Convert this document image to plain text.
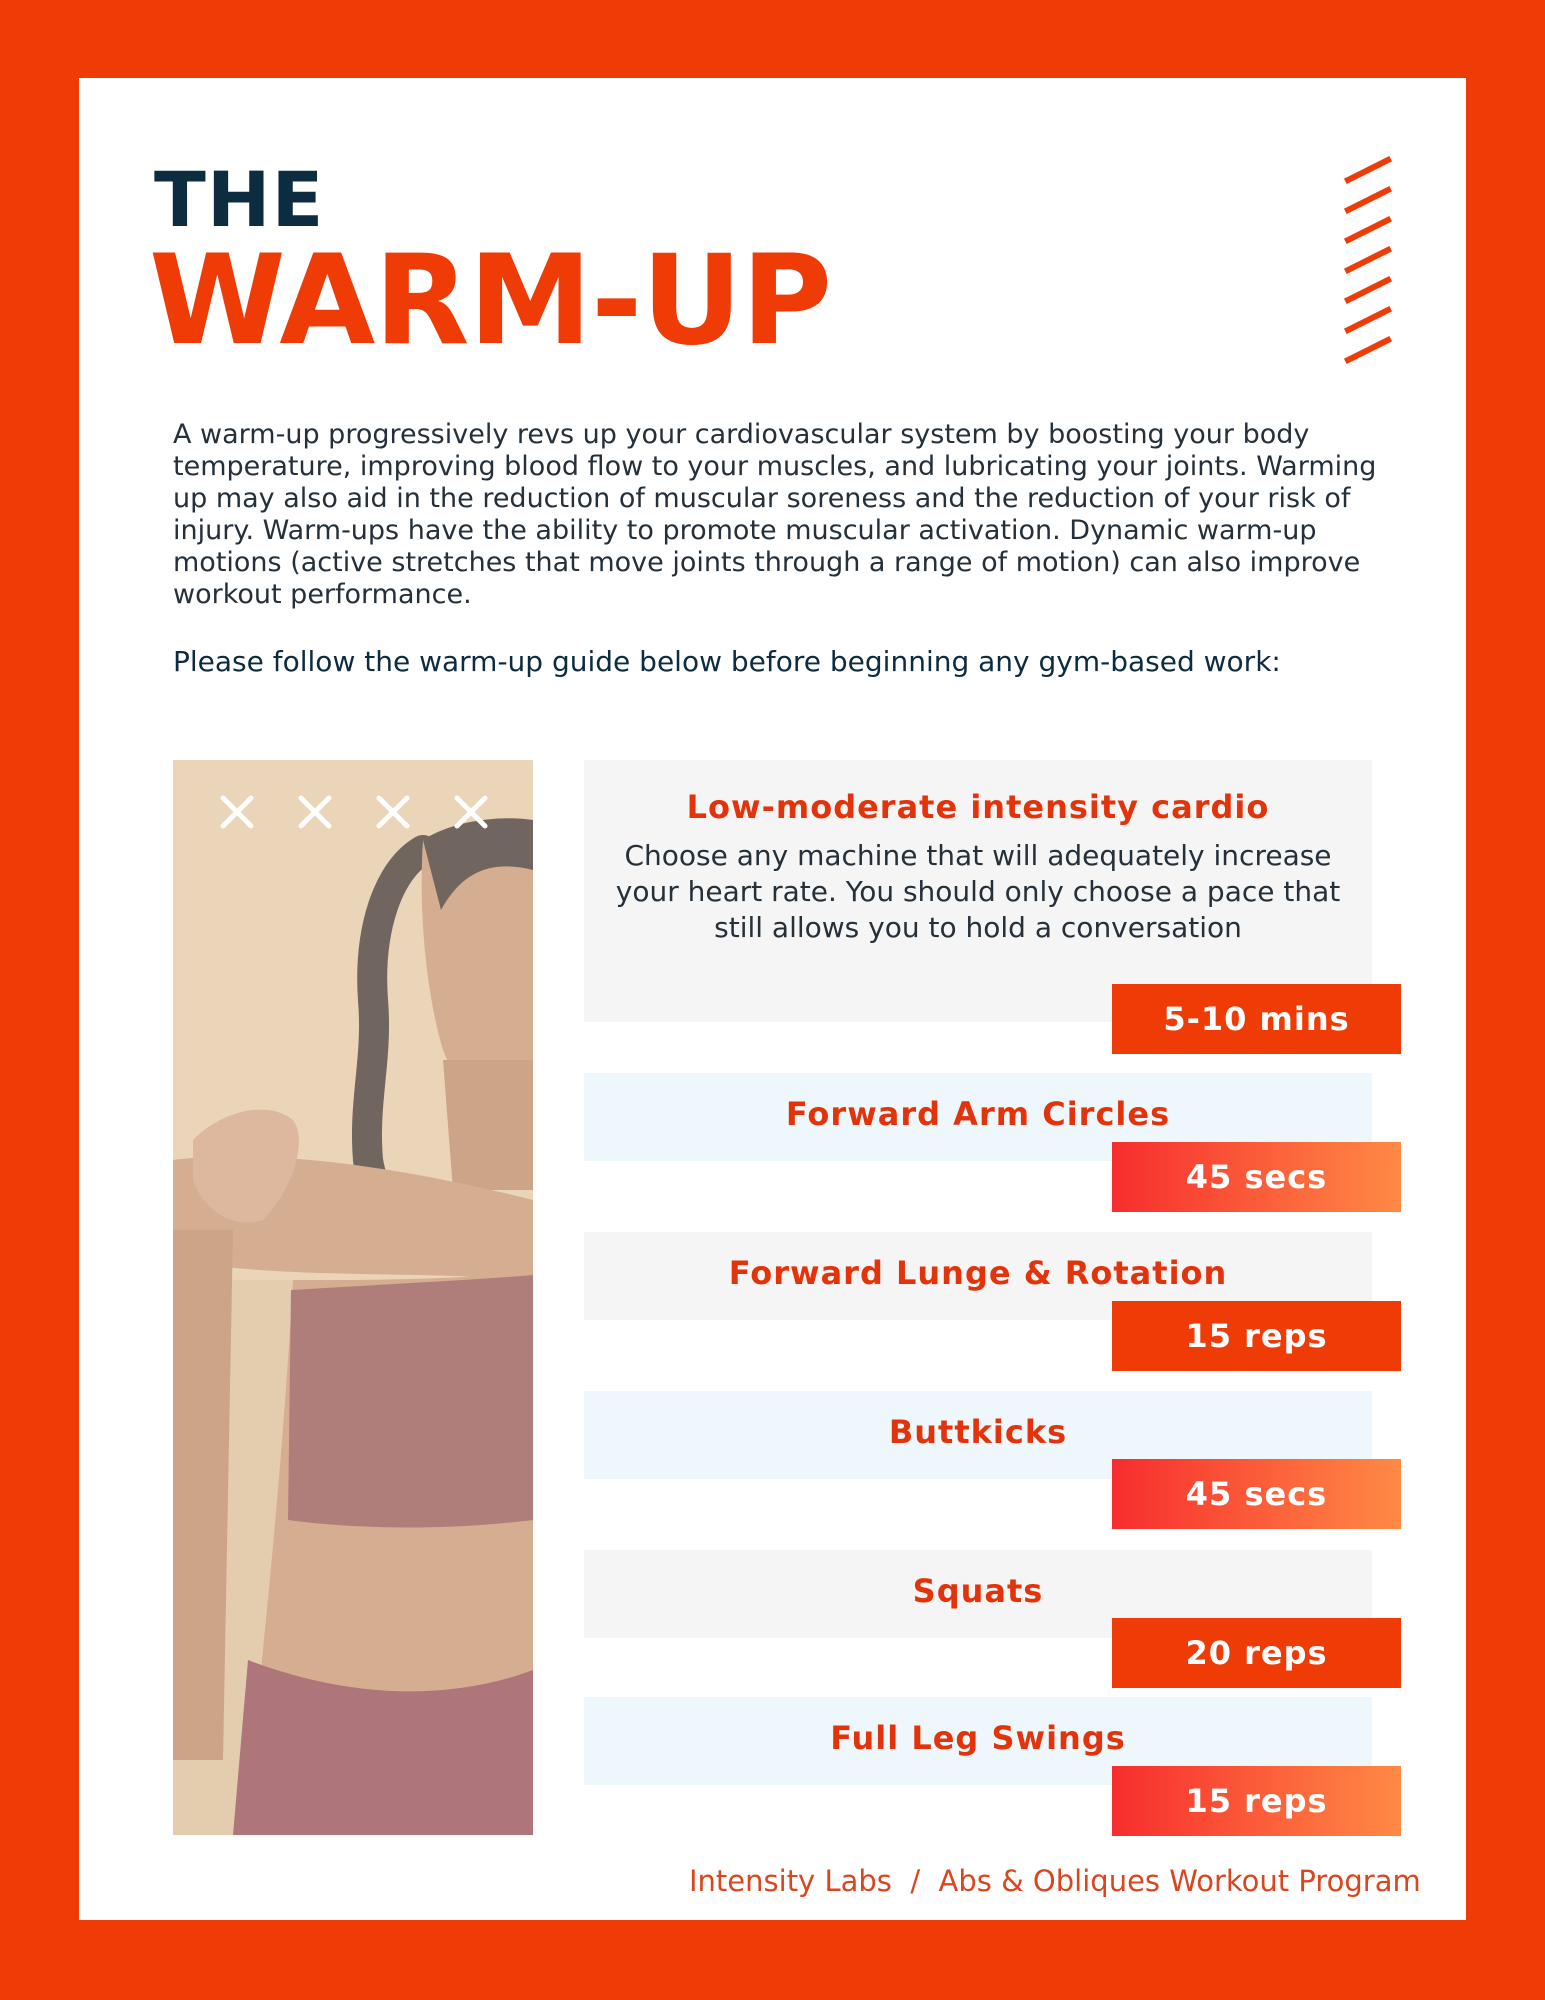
THE
WARM-UP

A warm-up progressively revs up your cardiovascular system by boosting your body temperature, improving blood flow to your muscles, and lubricating your joints. Warming up may also aid in the reduction of muscular soreness and the reduction of your risk of injury. Warm-ups have the ability to promote muscular activation. Dynamic warm-up motions (active stretches that move joints through a range of motion) can also improve workout performance.

Please follow the warm-up guide below before beginning any gym-based work:

Low-moderate intensity cardio
Choose any machine that will adequately increase your heart rate. You should only choose a pace that still allows you to hold a conversation
5-10 mins
Forward Arm Circles
45 secs
Forward Lunge & Rotation
15 reps
Buttkicks
45 secs
Squats
20 reps
Full Leg Swings
15 reps
Intensity Labs  /  Abs & Obliques Workout Program
